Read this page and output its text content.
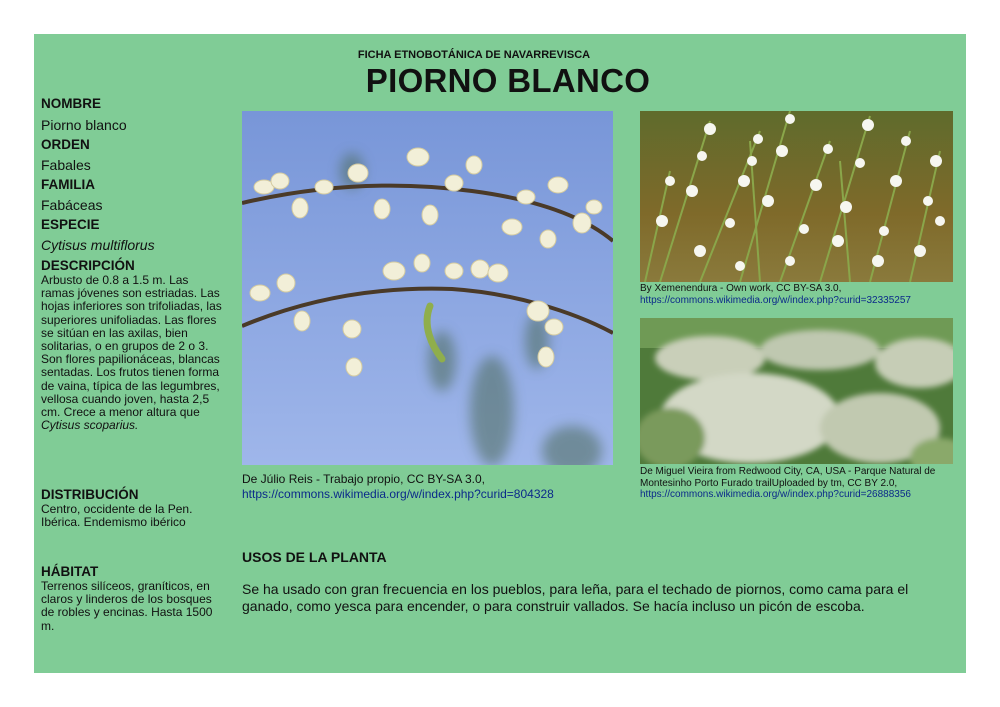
FICHA ETNOBOTÁNICA DE NAVARREVISCA
PIORNO BLANCO
NOMBRE
Piorno blanco
ORDEN
Fabales
FAMILIA
Fabáceas
ESPECIE
Cytisus multiflorus
DESCRIPCIÓN
Arbusto de 0.8 a 1.5 m. Las ramas jóvenes son estriadas. Las hojas inferiores son trifoliadas, las superiores unifoliadas. Las flores se sitúan en las axilas, bien solitarias, o en grupos de 2 o 3. Son flores papilionáceas, blancas sentadas. Los frutos tienen forma de vaina, típica de las legumbres, vellosa cuando joven, hasta 2,5 cm. Crece a menor altura que Cytisus scoparius.
DISTRIBUCIÓN
Centro, occidente de la Pen. Ibérica. Endemismo ibérico
HÁBITAT
Terrenos silíceos, graníticos, en claros y linderos de los bosques de robles y encinas. Hasta 1500 m.
De Júlio Reis - Trabajo propio, CC BY-SA 3.0,
https://commons.wikimedia.org/w/index.php?curid=804328
By Xemenendura - Own work, CC BY-SA 3.0,
https://commons.wikimedia.org/w/index.php?curid=32335257
De Miguel Vieira from Redwood City, CA, USA - Parque Natural de Montesinho Porto Furado trailUploaded by tm, CC BY 2.0,
https://commons.wikimedia.org/w/index.php?curid=26888356
USOS DE LA PLANTA
Se ha usado con gran frecuencia en los pueblos, para leña, para el techado de piornos, como cama para el ganado, como yesca para encender, o para construir vallados. Se hacía incluso un picón de escoba.
